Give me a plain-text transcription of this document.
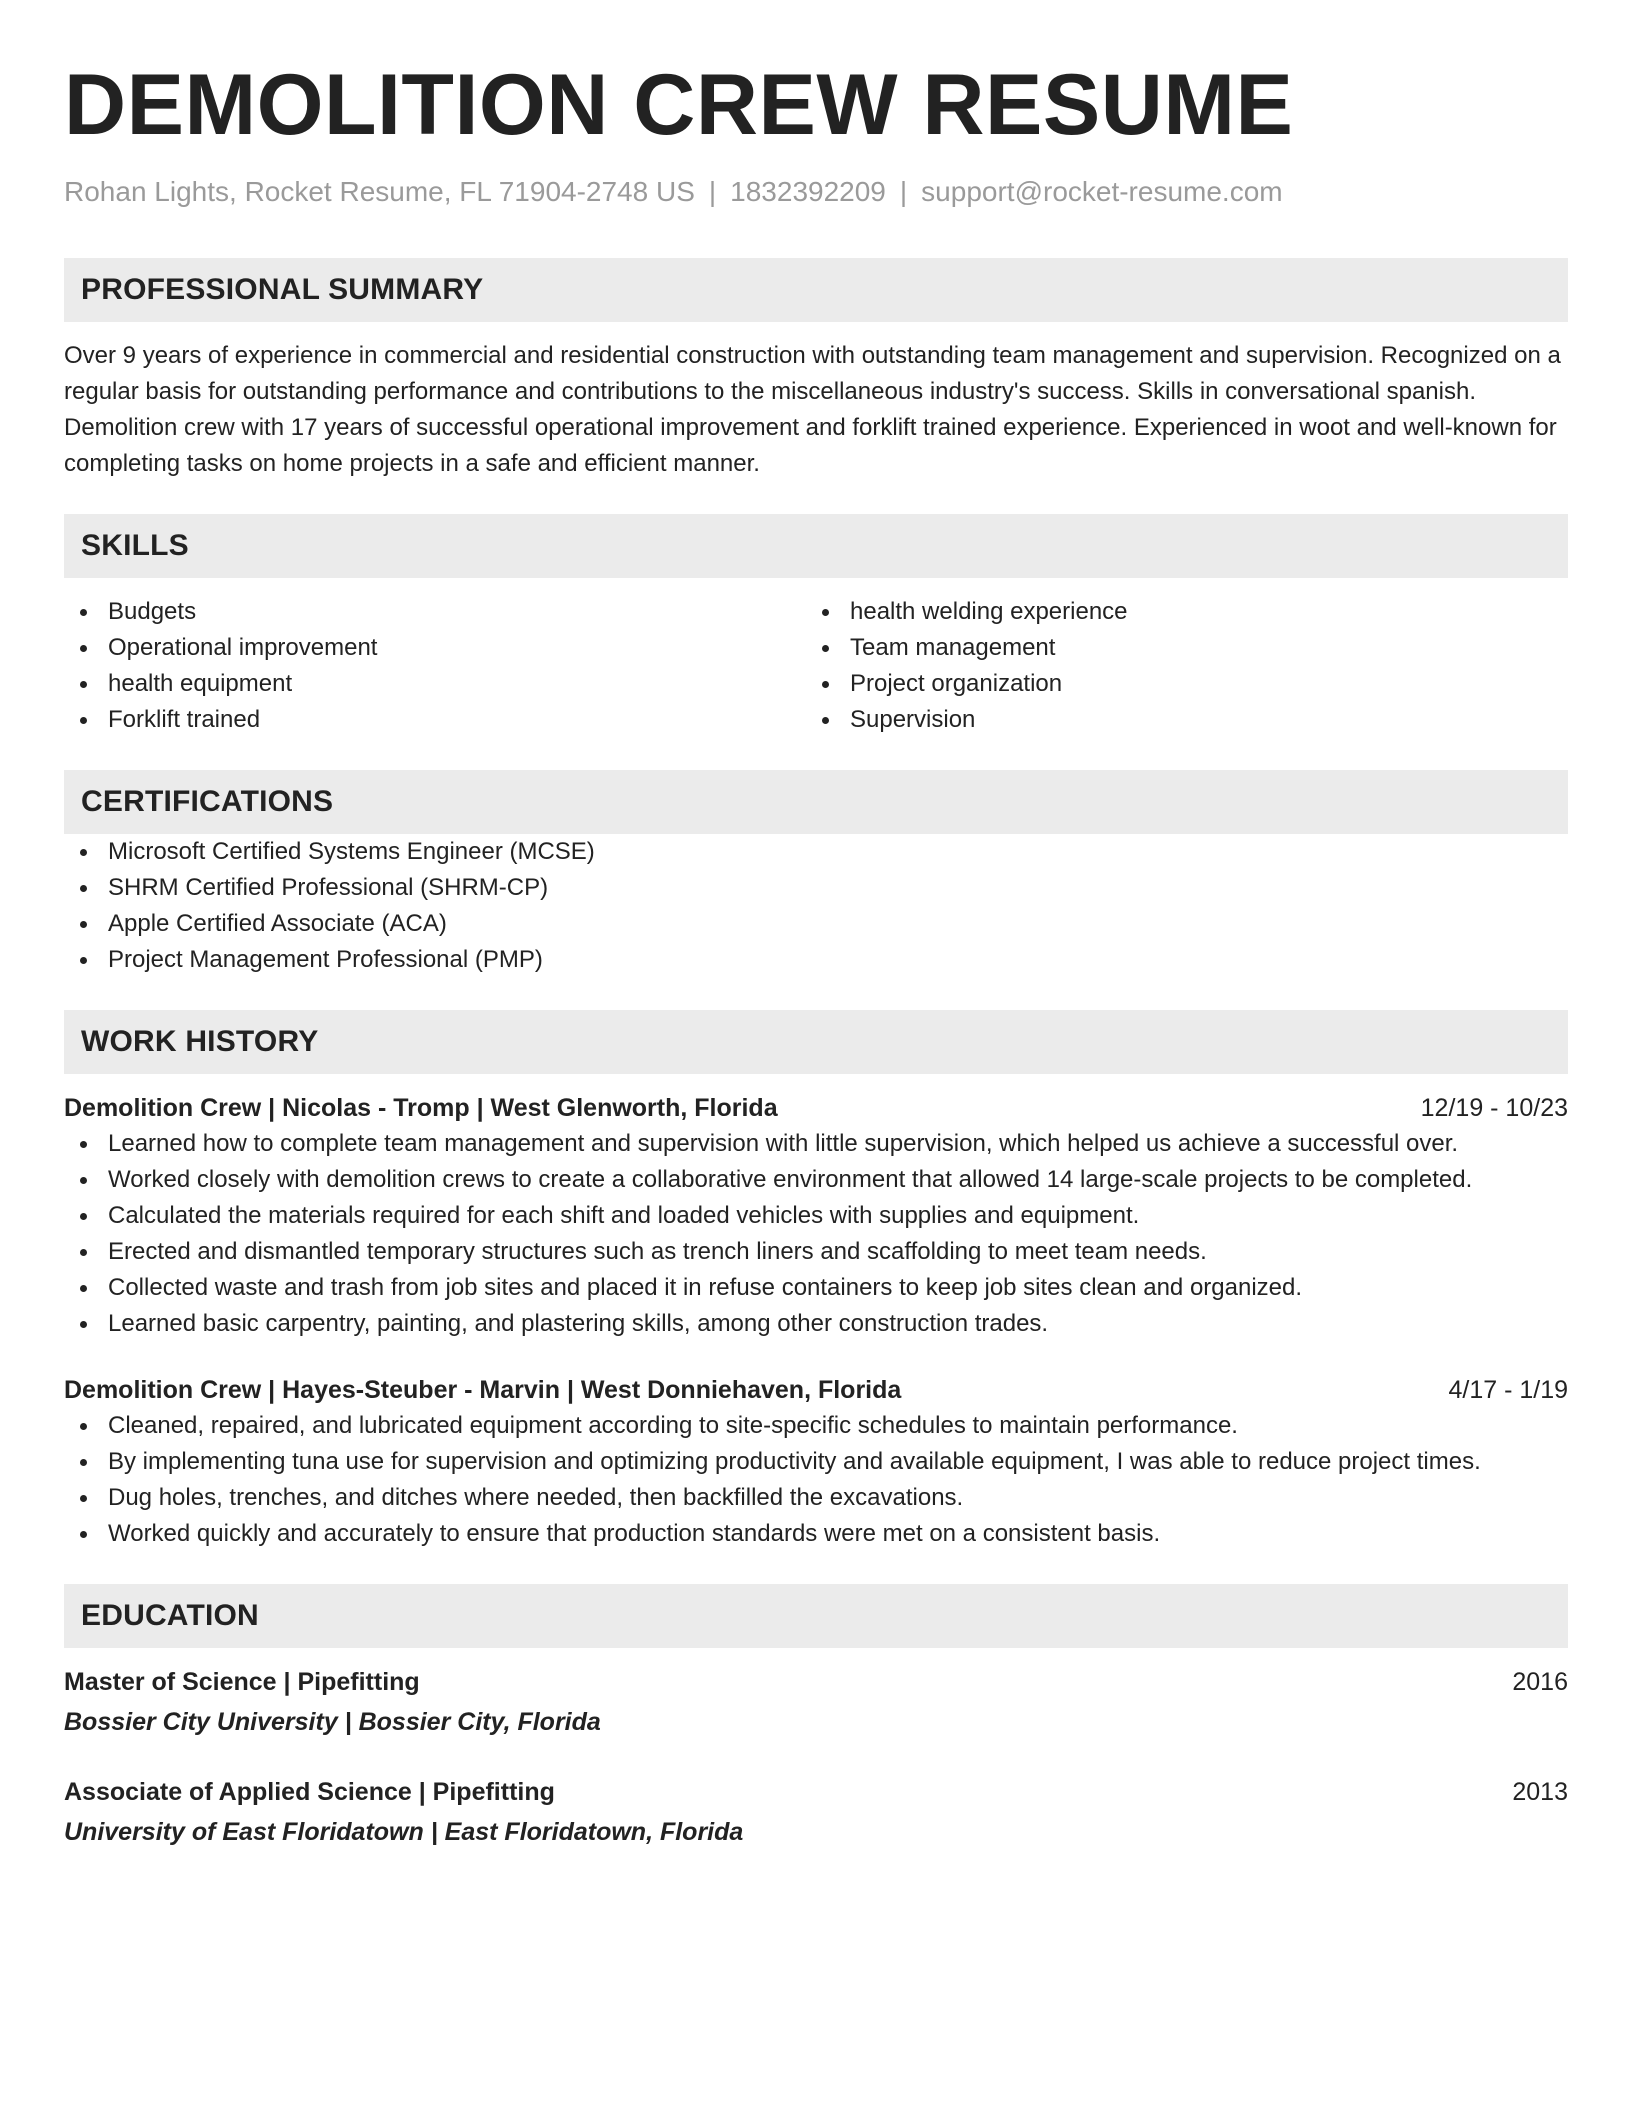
DEMOLITION CREW RESUME
Rohan Lights, Rocket Resume, FL 71904-2748 US | 1832392209 | support@rocket-resume.com
PROFESSIONAL SUMMARY
Over 9 years of experience in commercial and residential construction with outstanding team management and supervision. Recognized on a regular basis for outstanding performance and contributions to the miscellaneous industry's success. Skills in conversational spanish. Demolition crew with 17 years of successful operational improvement and forklift trained experience. Experienced in woot and well-known for completing tasks on home projects in a safe and efficient manner.
SKILLS
Budgets
Operational improvement
health equipment
Forklift trained
health welding experience
Team management
Project organization
Supervision
CERTIFICATIONS
Microsoft Certified Systems Engineer (MCSE)
SHRM Certified Professional (SHRM-CP)
Apple Certified Associate (ACA)
Project Management Professional (PMP)
WORK HISTORY
Demolition Crew | Nicolas - Tromp | West Glenworth, Florida	12/19 - 10/23
Learned how to complete team management and supervision with little supervision, which helped us achieve a successful over.
Worked closely with demolition crews to create a collaborative environment that allowed 14 large-scale projects to be completed.
Calculated the materials required for each shift and loaded vehicles with supplies and equipment.
Erected and dismantled temporary structures such as trench liners and scaffolding to meet team needs.
Collected waste and trash from job sites and placed it in refuse containers to keep job sites clean and organized.
Learned basic carpentry, painting, and plastering skills, among other construction trades.
Demolition Crew | Hayes-Steuber - Marvin | West Donniehaven, Florida	4/17 - 1/19
Cleaned, repaired, and lubricated equipment according to site-specific schedules to maintain performance.
By implementing tuna use for supervision and optimizing productivity and available equipment, I was able to reduce project times.
Dug holes, trenches, and ditches where needed, then backfilled the excavations.
Worked quickly and accurately to ensure that production standards were met on a consistent basis.
EDUCATION
Master of Science | Pipefitting	2016
Bossier City University | Bossier City, Florida
Associate of Applied Science | Pipefitting	2013
University of East Floridatown | East Floridatown, Florida
